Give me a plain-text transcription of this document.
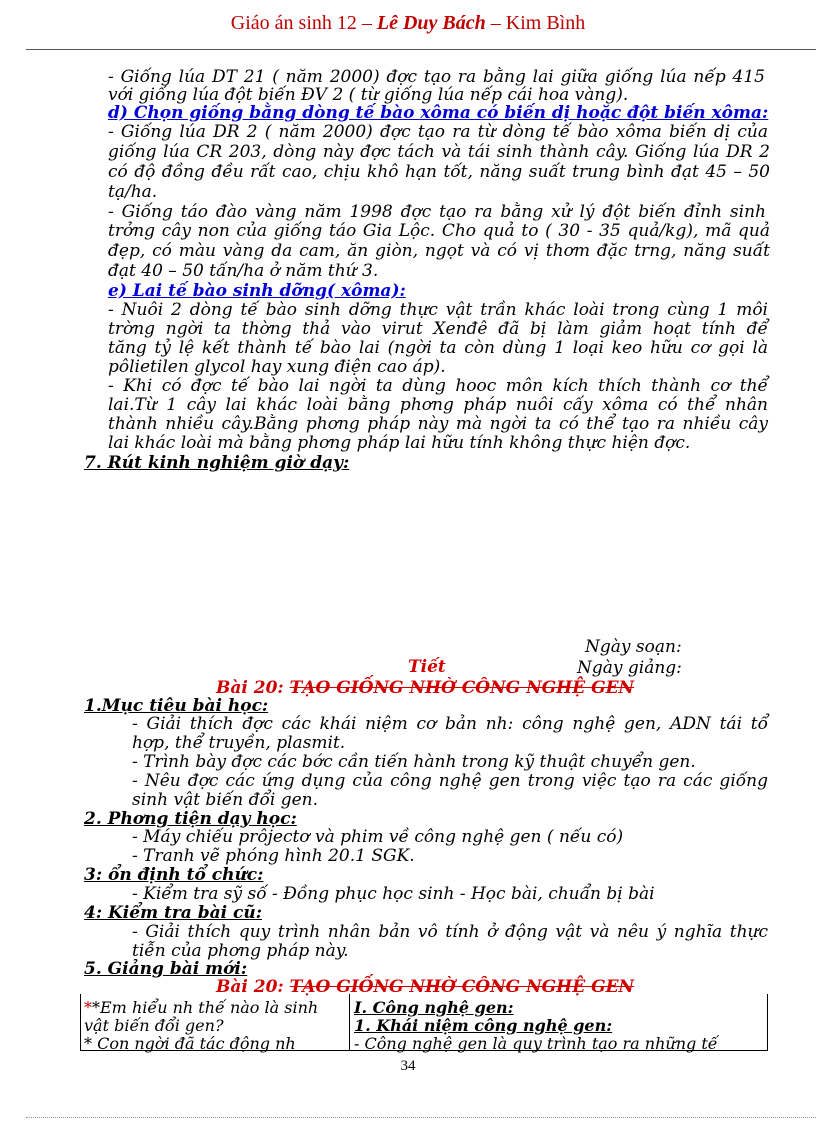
Giáo án sinh 12 – Lê Duy Bách – Kim Bình
- Giống lúa DT 21 ( năm 2000) đợc tạo ra bằng lai giữa giống lúa nếp 415
với giống lúa đột biến ĐV 2 ( từ giống lúa nếp cái hoa vàng).
d) Chọn giống bằng dòng tế bào xôma có biến dị hoặc đột biến xôma:
- Giống lúa DR 2 ( năm 2000) đợc tạo ra từ dòng tế bào xôma biến dị của
giống lúa CR 203, dòng này đợc tách và tái sinh thành cây. Giống lúa DR 2
có độ đồng đều rất cao, chịu khô hạn tốt, năng suất trung bình đạt 45 – 50
tạ/ha.
- Giống táo đào vàng năm 1998 đợc tạo ra bằng xử lý đột biến đỉnh sinh
trởng cây non của giống táo Gia Lộc. Cho quả to ( 30 - 35 quả/kg), mã quả
đẹp, có màu vàng da cam, ăn giòn, ngọt và có vị thơm đặc trng, năng suất
đạt 40 – 50 tấn/ha ở năm thứ 3.
e) Lai tế bào sinh dỡng( xôma):
- Nuôi 2 dòng tế bào sinh dỡng thực vật trần khác loài trong cùng 1 môi
trờng ngời ta thờng thả vào virut Xenđê đã bị làm giảm hoạt tính để
tăng tỷ lệ kết thành tế bào lai (ngời ta còn dùng 1 loại keo hữu cơ gọi là
pôlietilen glycol hay xung điện cao áp).
- Khi có đợc tế bào lai ngời ta dùng hooc môn kích thích thành cơ thể
lai.Từ 1 cây lai khác loài bằng phơng pháp nuôi cấy xôma có thể nhân
thành nhiều cây.Bằng phơng pháp này mà ngời ta có thể tạo ra nhiều cây
lai khác loài mà bằng phơng pháp lai hữu tính không thực hiện đợc.
7. Rút kinh nghiệm giờ dạy:
Ngày soạn:
Tiết	Ngày giảng:
Bài 20: TẠO GIỐNG NHỜ CÔNG NGHỆ GEN
1.Mục tiêu bài học:
- Giải thích đợc các khái niệm cơ bản nh: công nghệ gen, ADN tái tổ
hợp, thể truyền, plasmit.
- Trình bày đợc các bớc cần tiến hành trong kỹ thuật chuyển gen.
- Nêu đợc các ứng dụng của công nghệ gen trong việc tạo ra các giống
sinh vật biến đổi gen.
2. Phơng tiện dạy học:
- Máy chiếu prôjectơ và phim về công nghệ gen ( nếu có)
- Tranh vẽ phóng hình 20.1 SGK.
3: ổn định tổ chức:
- Kiểm tra sỹ số - Đồng phục học sinh - Học bài, chuẩn bị bài
4: Kiểm tra bài cũ:
- Giải thích quy trình nhân bản vô tính ở động vật và nêu ý nghĩa thực
tiễn của phơng pháp này.
5. Giảng bài mới:
Bài 20: TẠO GIỐNG NHỜ CÔNG NGHỆ GEN
**Em hiểu nh thế nào là sinh
vật biến đổi gen?
* Con ngời đã tác động nh
I. Công nghệ gen:
1. Khái niệm công nghệ gen:
- Công nghệ gen là quy trình tạo ra những tế
34
